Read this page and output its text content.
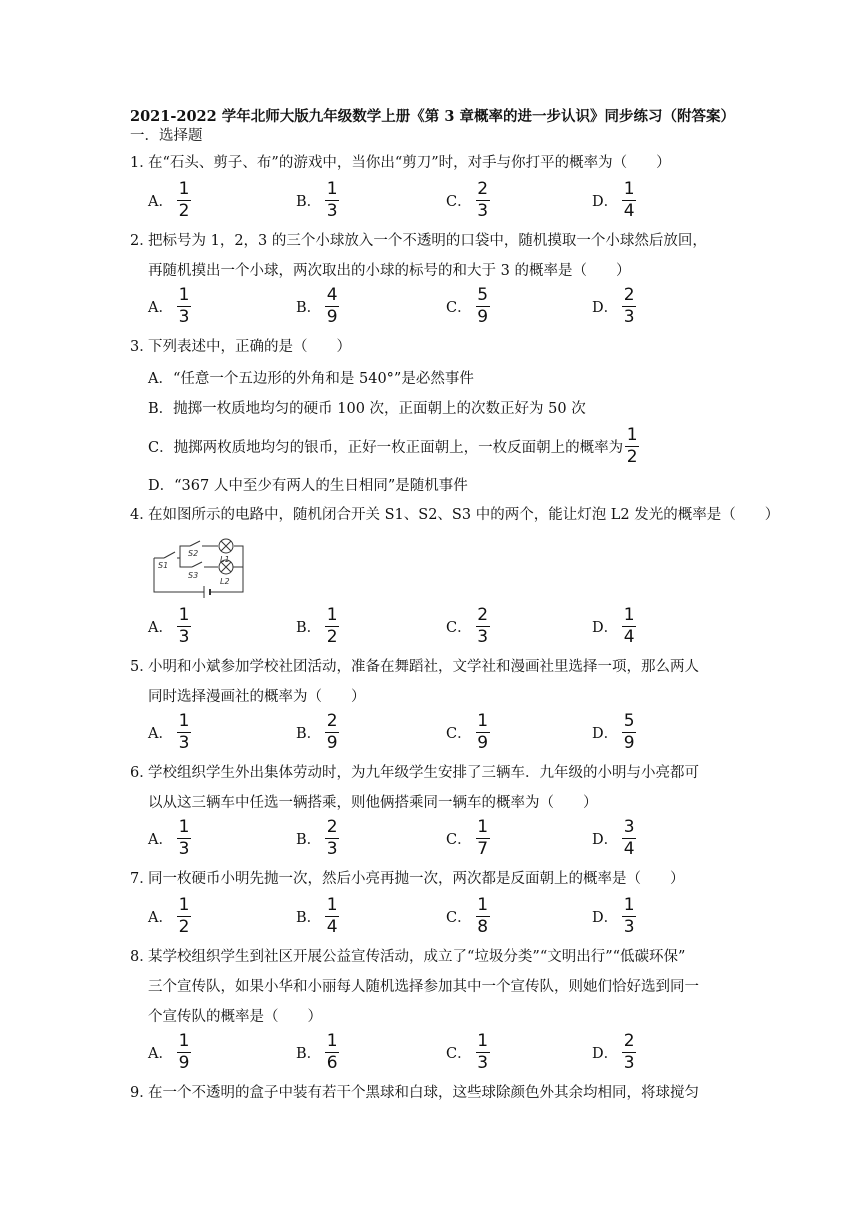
2021-2022 学年北师大版九年级数学上册《第 3 章概率的进一步认识》同步练习（附答案）
一．选择题
1．
在“石头、剪子、布”的游戏中，当你出“剪刀”时，对手与你打平的概率为（　　）
A． $\frac{1}{2}$	B． $\frac{1}{3}$	C． $\frac{2}{3}$	D． $\frac{1}{4}$
2．
把标号为 1，2，3 的三个小球放入一个不透明的口袋中，随机摸取一个小球然后放回，
再随机摸出一个小球，两次取出的小球的标号的和大于 3 的概率是（　　）
A． $\frac{1}{3}$	B． $\frac{4}{9}$	C． $\frac{5}{9}$	D． $\frac{2}{3}$
3．
下列表述中，正确的是（　　）
A． “任意一个五边形的外角和是 540°”是必然事件
B． 抛掷一枚质地均匀的硬币 100 次，正面朝上的次数正好为 50 次
C． 抛掷两枚质地均匀的银币，正好一枚正面朝上，一枚反面朝上的概率为 $\frac{1}{2}$
D． “367 人中至少有两人的生日相同”是随机事件
4．
在如图所示的电路中，随机闭合开关 S1、S2、S3 中的两个，能让灯泡 L2 发光的概率是（　　）
S1
S2
S3
L1
L2
A． $\frac{1}{3}$	B． $\frac{1}{2}$	C． $\frac{2}{3}$	D． $\frac{1}{4}$
5．
小明和小斌参加学校社团活动，准备在舞蹈社，文学社和漫画社里选择一项，那么两人
同时选择漫画社的概率为（　　）
A． $\frac{1}{3}$	B． $\frac{2}{9}$	C． $\frac{1}{9}$	D． $\frac{5}{9}$
6．
学校组织学生外出集体劳动时，为九年级学生安排了三辆车．九年级的小明与小亮都可
以从这三辆车中任选一辆搭乘，则他俩搭乘同一辆车的概率为（　　）
A． $\frac{1}{3}$	B． $\frac{2}{3}$	C． $\frac{1}{7}$	D． $\frac{3}{4}$
7．
同一枚硬币小明先抛一次，然后小亮再抛一次，两次都是反面朝上的概率是（　　）
A． $\frac{1}{2}$	B． $\frac{1}{4}$	C． $\frac{1}{8}$	D． $\frac{1}{3}$
8．
某学校组织学生到社区开展公益宣传活动，成立了“垃圾分类”“文明出行”“低碳环保”
三个宣传队，如果小华和小丽每人随机选择参加其中一个宣传队，则她们恰好选到同一
个宣传队的概率是（　　）
A． $\frac{1}{9}$	B． $\frac{1}{6}$	C． $\frac{1}{3}$	D． $\frac{2}{3}$
9．
在一个不透明的盒子中装有若干个黑球和白球，这些球除颜色外其余均相同，将球搅匀
